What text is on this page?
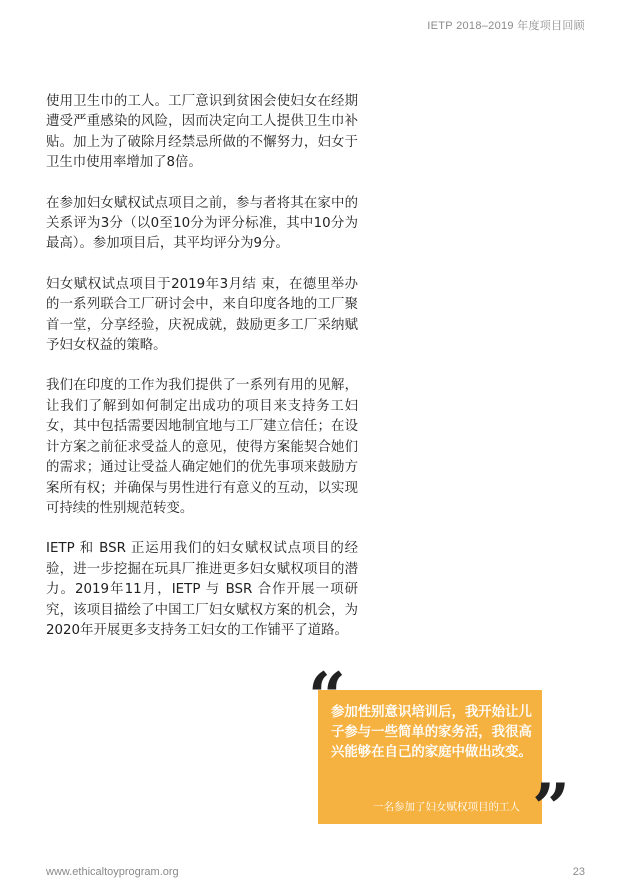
IETP 2018–2019 年度项目回顾

使用卫生巾的工人。工厂意识到贫困会使妇女在经期遭受严重感染的风险，因而决定向工人提供卫生巾补贴。加上为了破除月经禁忌所做的不懈努力，妇女于卫生巾使用率增加了8倍。

在参加妇女赋权试点项目之前，参与者将其在家中的关系评为3分（以0至10分为评分标准，其中10分为最高）。参加项目后，其平均评分为9分。

妇女赋权试点项目于2019年3月结 束，在德里举办的一系列联合工厂研讨会中，来自印度各地的工厂聚首一堂，分享经验，庆祝成就，鼓励更多工厂采纳赋予妇女权益的策略。

我们在印度的工作为我们提供了一系列有用的见解，让我们了解到如何制定出成功的项目来支持务工妇女，其中包括需要因地制宜地与工厂建立信任；在设计方案之前征求受益人的意见，使得方案能契合她们的需求；通过让受益人确定她们的优先事项来鼓励方案所有权；并确保与男性进行有意义的互动，以实现可持续的性别规范转变。

IETP 和 BSR 正运用我们的妇女赋权试点项目的经验，进一步挖掘在玩具厂推进更多妇女赋权项目的潜力。2019年11月，IETP 与 BSR 合作开展一项研究，该项目描绘了中国工厂妇女赋权方案的机会，为2020年开展更多支持务工妇女的工作铺平了道路。

参加性别意识培训后，我开始让儿子参与一些简单的家务活，我很高兴能够在自己的家庭中做出改变。
一名参加了妇女赋权项目的工人
“
”
www.ethicaltoyprogram.org	23
